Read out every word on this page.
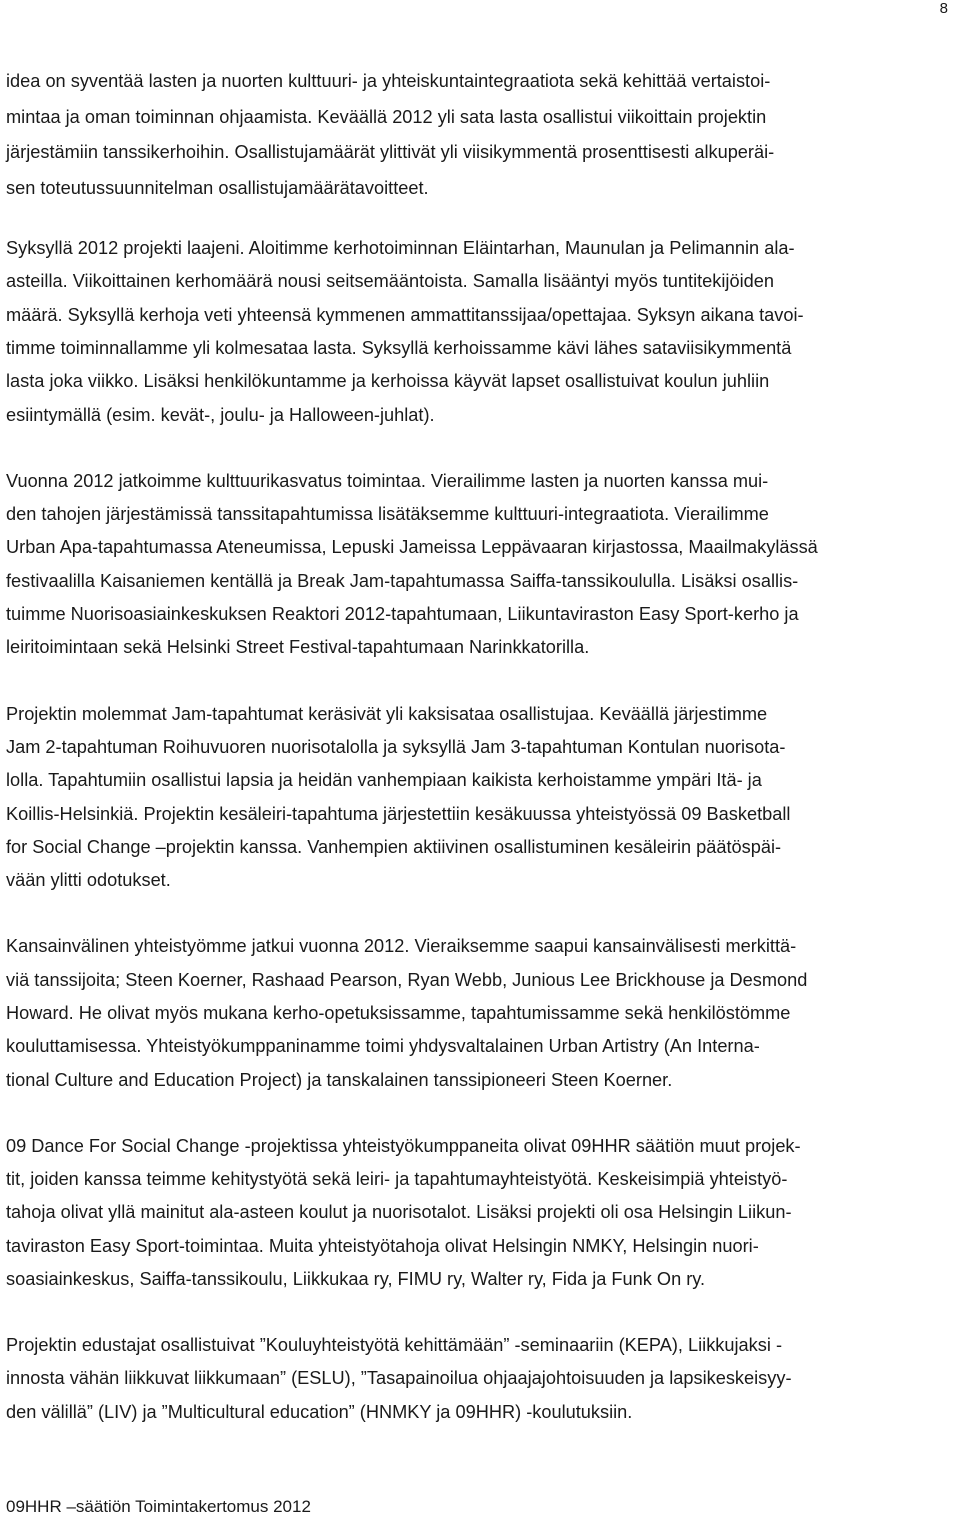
8

idea on syventää lasten ja nuorten kulttuuri- ja yhteiskuntaintegraatiota sekä kehittää vertaistoi-
mintaa ja oman toiminnan ohjaamista. Keväällä 2012 yli sata lasta osallistui viikoittain projektin
järjestämiin tanssikerhoihin. Osallistujamäärät ylittivät yli viisikymmentä prosenttisesti alkuperäi-
sen toteutussuunnitelman osallistujamäärätavoitteet.

Syksyllä 2012 projekti laajeni. Aloitimme kerhotoiminnan Eläintarhan, Maunulan ja Pelimannin ala-
asteilla. Viikoittainen kerhomäärä nousi seitsemääntoista. Samalla lisääntyi myös tuntitekijöiden
määrä. Syksyllä kerhoja veti yhteensä kymmenen ammattitanssijaa/opettajaa. Syksyn aikana tavoi-
timme toiminnallamme yli kolmesataa lasta. Syksyllä kerhoissamme kävi lähes sataviisikymmentä
lasta joka viikko. Lisäksi henkilökuntamme ja kerhoissa käyvät lapset osallistuivat koulun juhliin
esiintymällä (esim. kevät-, joulu- ja Halloween-juhlat).

Vuonna 2012 jatkoimme kulttuurikasvatus toimintaa. Vierailimme lasten ja nuorten kanssa mui-
den tahojen järjestämissä tanssitapahtumissa lisätäksemme kulttuuri-integraatiota. Vierailimme
Urban Apa-tapahtumassa Ateneumissa, Lepuski Jameissa Leppävaaran kirjastossa, Maailmakylässä
festivaalilla Kaisaniemen kentällä ja Break Jam-tapahtumassa Saiffa-tanssikoululla. Lisäksi osallis-
tuimme Nuorisoasiainkeskuksen Reaktori 2012-tapahtumaan, Liikuntaviraston Easy Sport-kerho ja
leiritoimintaan sekä Helsinki Street Festival-tapahtumaan Narinkkatorilla.

Projektin molemmat Jam-tapahtumat keräsivät yli kaksisataa osallistujaa. Keväällä järjestimme
Jam 2-tapahtuman Roihuvuoren nuorisotalolla ja syksyllä Jam 3-tapahtuman Kontulan nuorisota-
lolla. Tapahtumiin osallistui lapsia ja heidän vanhempiaan kaikista kerhoistamme ympäri Itä- ja
Koillis-Helsinkiä. Projektin kesäleiri-tapahtuma järjestettiin kesäkuussa yhteistyössä 09 Basketball
for Social Change –projektin kanssa. Vanhempien aktiivinen osallistuminen kesäleirin päätöspäi-
vään ylitti odotukset.

Kansainvälinen yhteistyömme jatkui vuonna 2012. Vieraiksemme saapui kansainvälisesti merkittä-
viä tanssijoita; Steen Koerner, Rashaad Pearson, Ryan Webb, Junious Lee Brickhouse ja Desmond
Howard. He olivat myös mukana kerho-opetuksissamme, tapahtumissamme sekä henkilöstömme
kouluttamisessa. Yhteistyökumppaninamme toimi yhdysvaltalainen Urban Artistry (An Interna-
tional Culture and Education Project) ja tanskalainen tanssipioneeri Steen Koerner.

09 Dance For Social Change -projektissa yhteistyökumppaneita olivat 09HHR säätiön muut projek-
tit, joiden kanssa teimme kehitystyötä sekä leiri- ja tapahtumayhteistyötä. Keskeisimpiä yhteistyö-
tahoja olivat yllä mainitut ala-asteen koulut ja nuorisotalot. Lisäksi projekti oli osa Helsingin Liikun-
taviraston Easy Sport-toimintaa. Muita yhteistyötahoja olivat Helsingin NMKY, Helsingin nuori-
soasiainkeskus, Saiffa-tanssikoulu, Liikkukaa ry, FIMU ry, Walter ry, Fida ja Funk On ry.

Projektin edustajat osallistuivat ”Kouluyhteistyötä kehittämään” -seminaariin (KEPA), Liikkujaksi -
innosta vähän liikkuvat liikkumaan” (ESLU), ”Tasapainoilua ohjaajajohtoisuuden ja lapsikeskeisyy-
den välillä” (LIV) ja ”Multicultural education” (HNMKY ja 09HHR) -koulutuksiin.

09HHR –säätiön Toimintakertomus 2012
